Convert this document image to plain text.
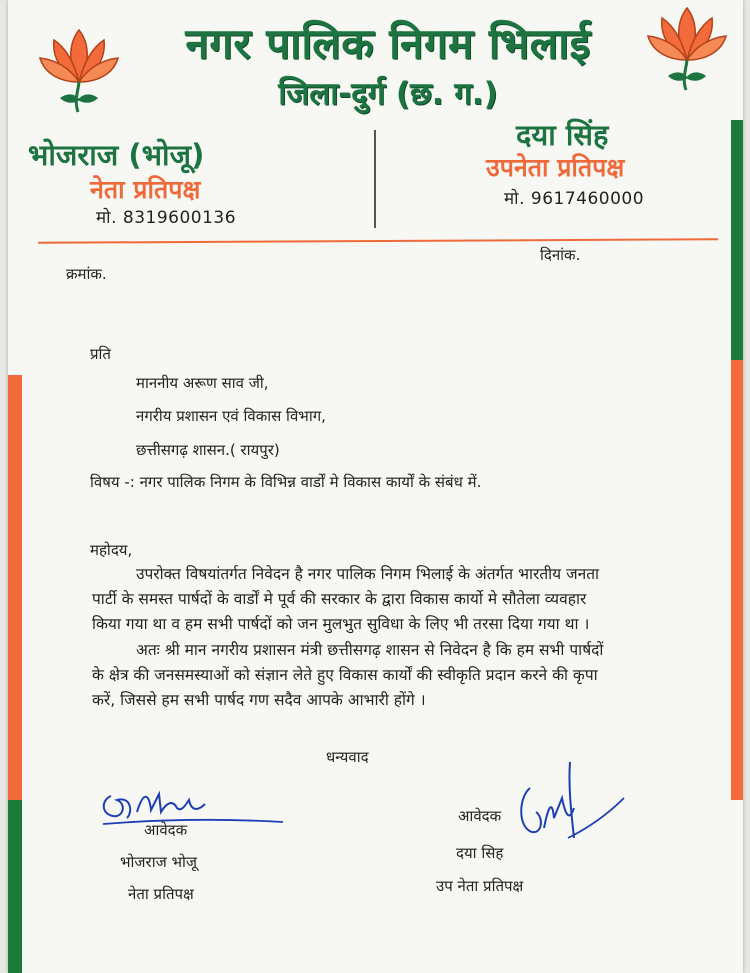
नगर पालिक निगम भिलाई
जिला-दुर्ग (छ. ग.)
भोजराज (भोजू)
नेता प्रतिपक्ष
मो. 8319600136
दया सिंह
उपनेता प्रतिपक्ष
मो. 9617460000
क्रमांक.
दिनांक.
प्रति
माननीय अरूण साव जी,
नगरीय प्रशासन एवं विकास विभाग,
छत्तीसगढ़ शासन.( रायपुर)
विषय -: नगर पालिक निगम के विभिन्न वार्डों मे विकास कार्यों के संबंध में.
महोदय,
उपरोक्त विषयांतर्गत निवेदन है नगर पालिक निगम भिलाई के अंतर्गत भारतीय जनता
पार्टी के समस्त पार्षदों के वार्डों मे पूर्व की सरकार के द्वारा विकास कार्यो मे सौतेला व्यवहार
किया गया था व हम सभी पार्षदों को जन मुलभुत सुविधा के लिए भी तरसा दिया गया था ।
अतः श्री मान नगरीय प्रशासन मंत्री छत्तीसगढ़ शासन से निवेदन है कि हम सभी पार्षदों
के क्षेत्र की जनसमस्याओं को संज्ञान लेते हुए विकास कार्यों की स्वीकृति प्रदान करने की कृपा
करें, जिससे हम सभी पार्षद गण सदैव आपके आभारी होंगे ।
धन्यवाद
आवेदक
भोजराज भोजू
नेता प्रतिपक्ष
आवेदक
दया सिह
उप नेता प्रतिपक्ष
